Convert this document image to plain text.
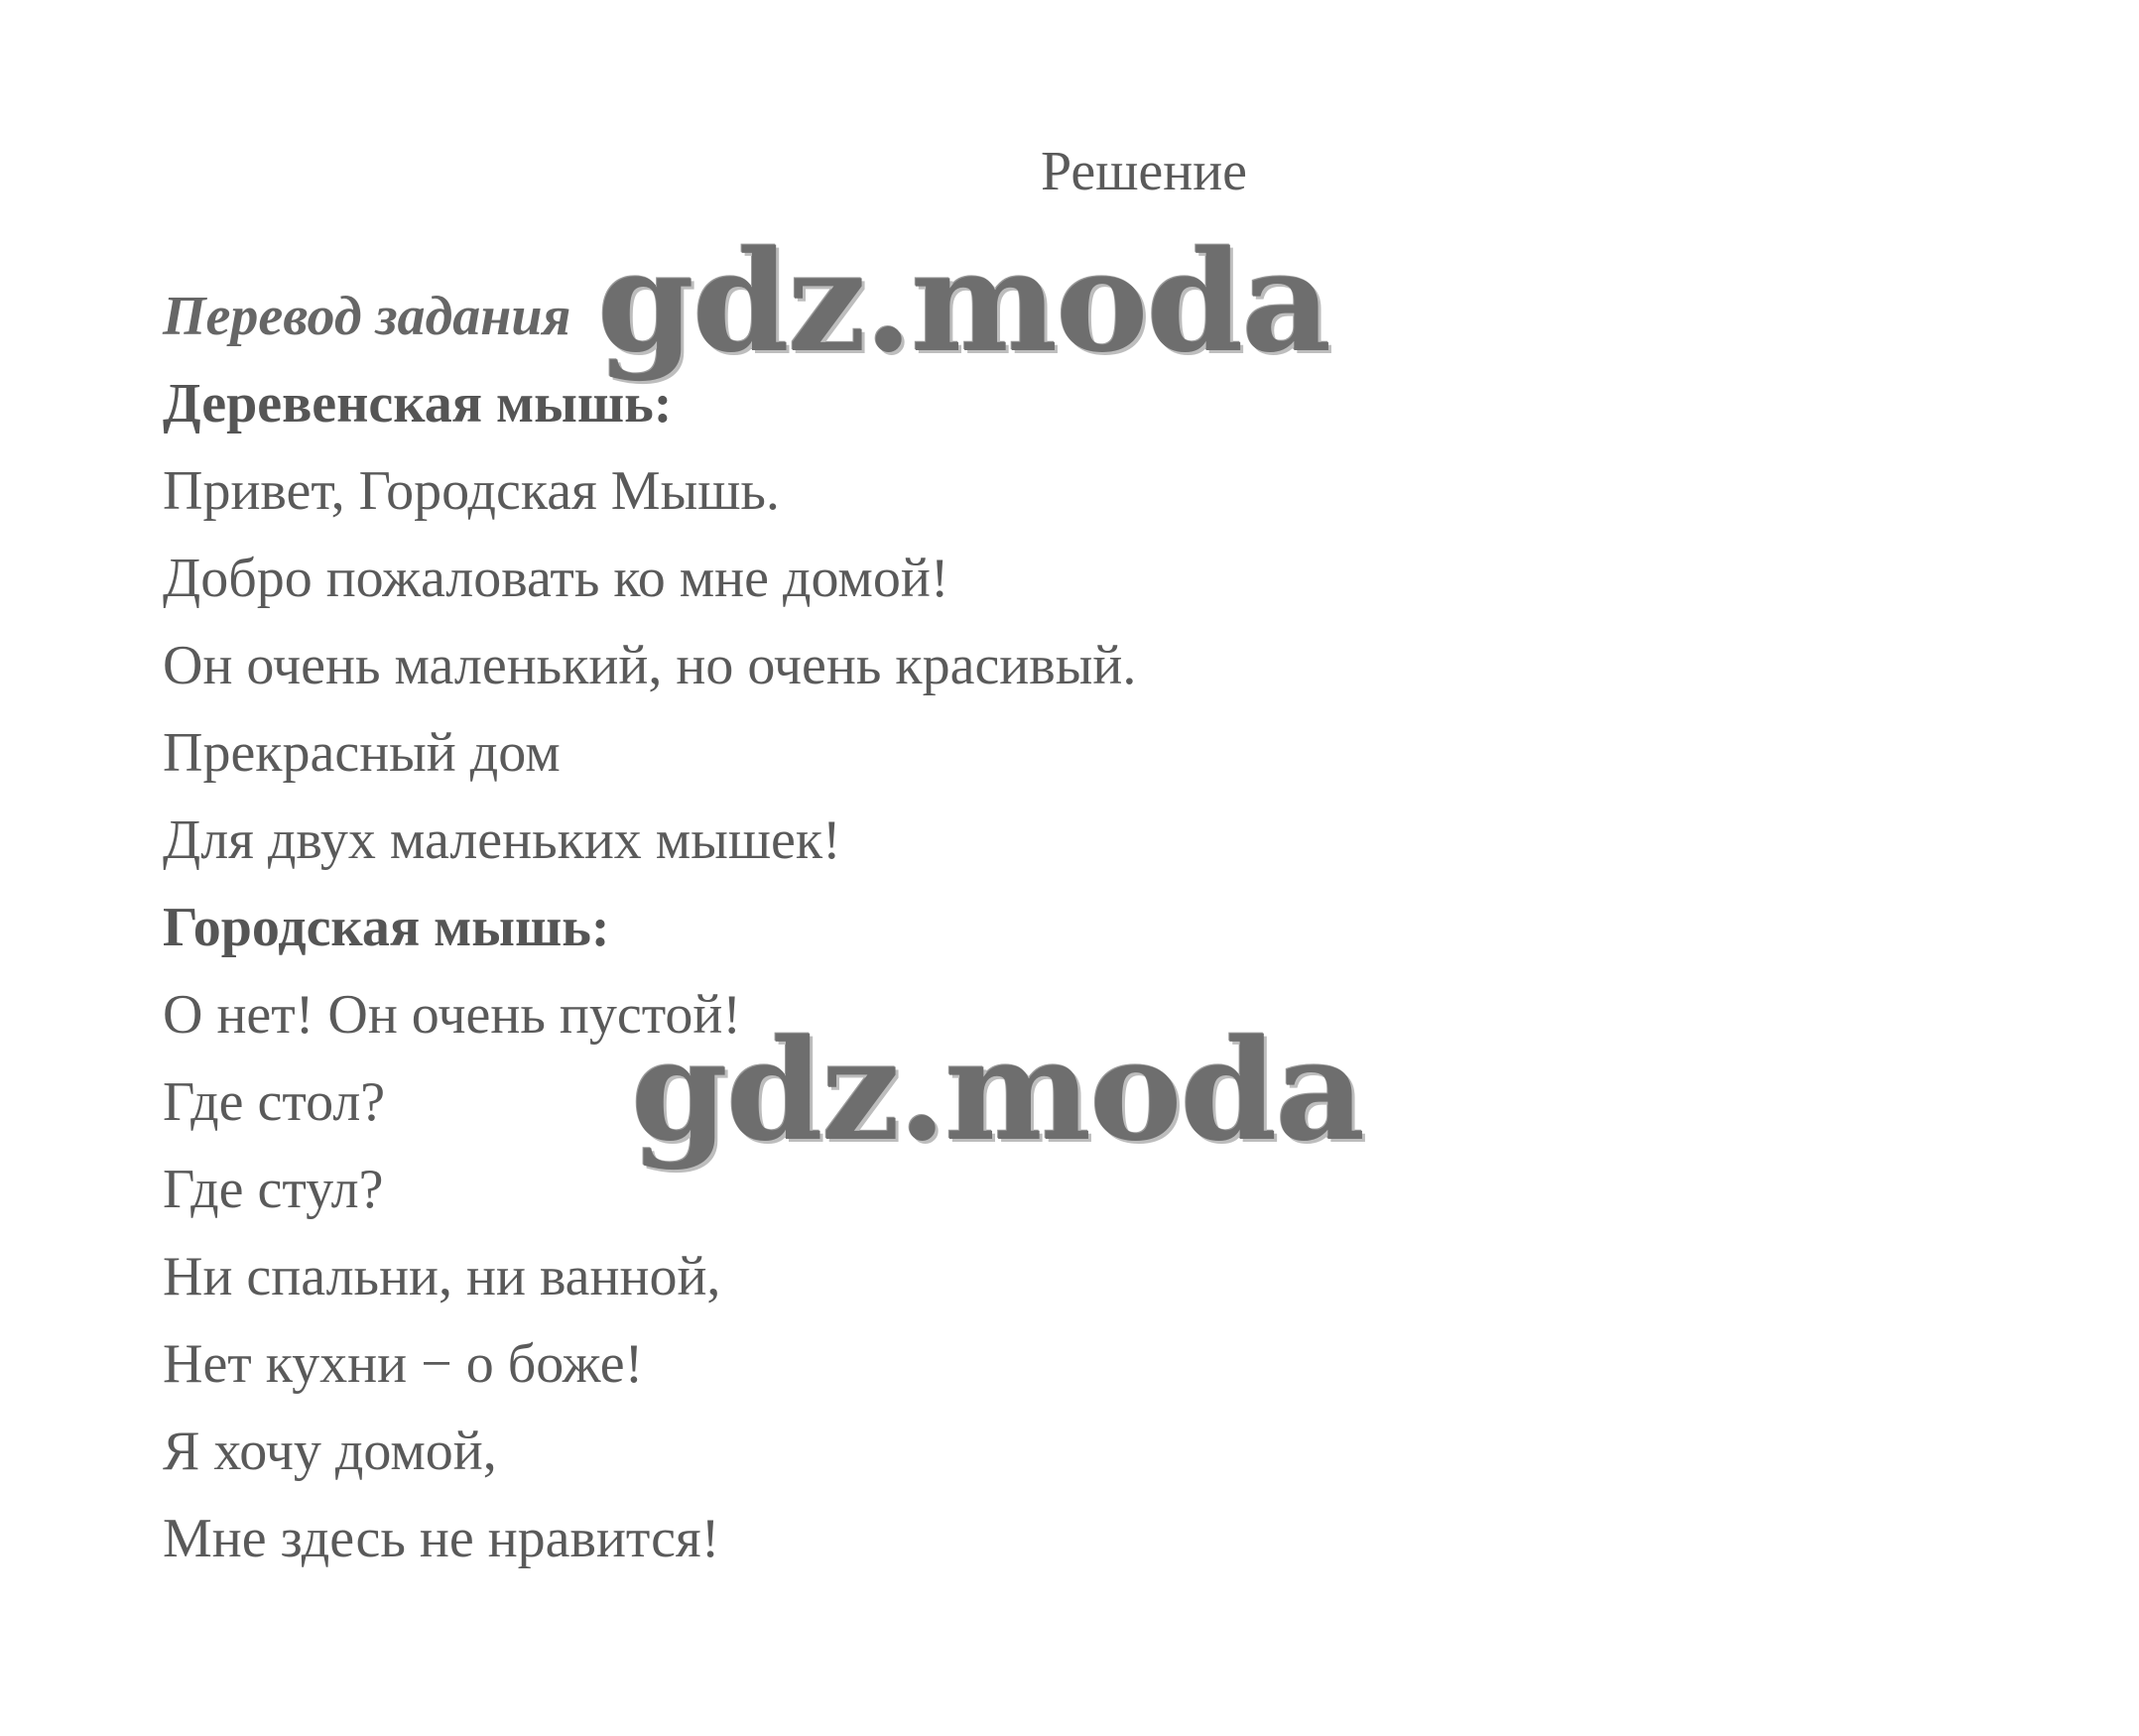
Решение
Перевод задания
Деревенская мышь:
Привет, Городская Мышь.
Добро пожаловать ко мне домой!
Он очень маленький, но очень красивый.
Прекрасный дом
Для двух маленьких мышек!
Городская мышь:
О нет! Он очень пустой!
Где стол?
Где стул?
Ни спальни, ни ванной,
Нет кухни − о боже!
Я хочу домой,
Мне здесь не нравится!
gdz.moda
gdz.moda
